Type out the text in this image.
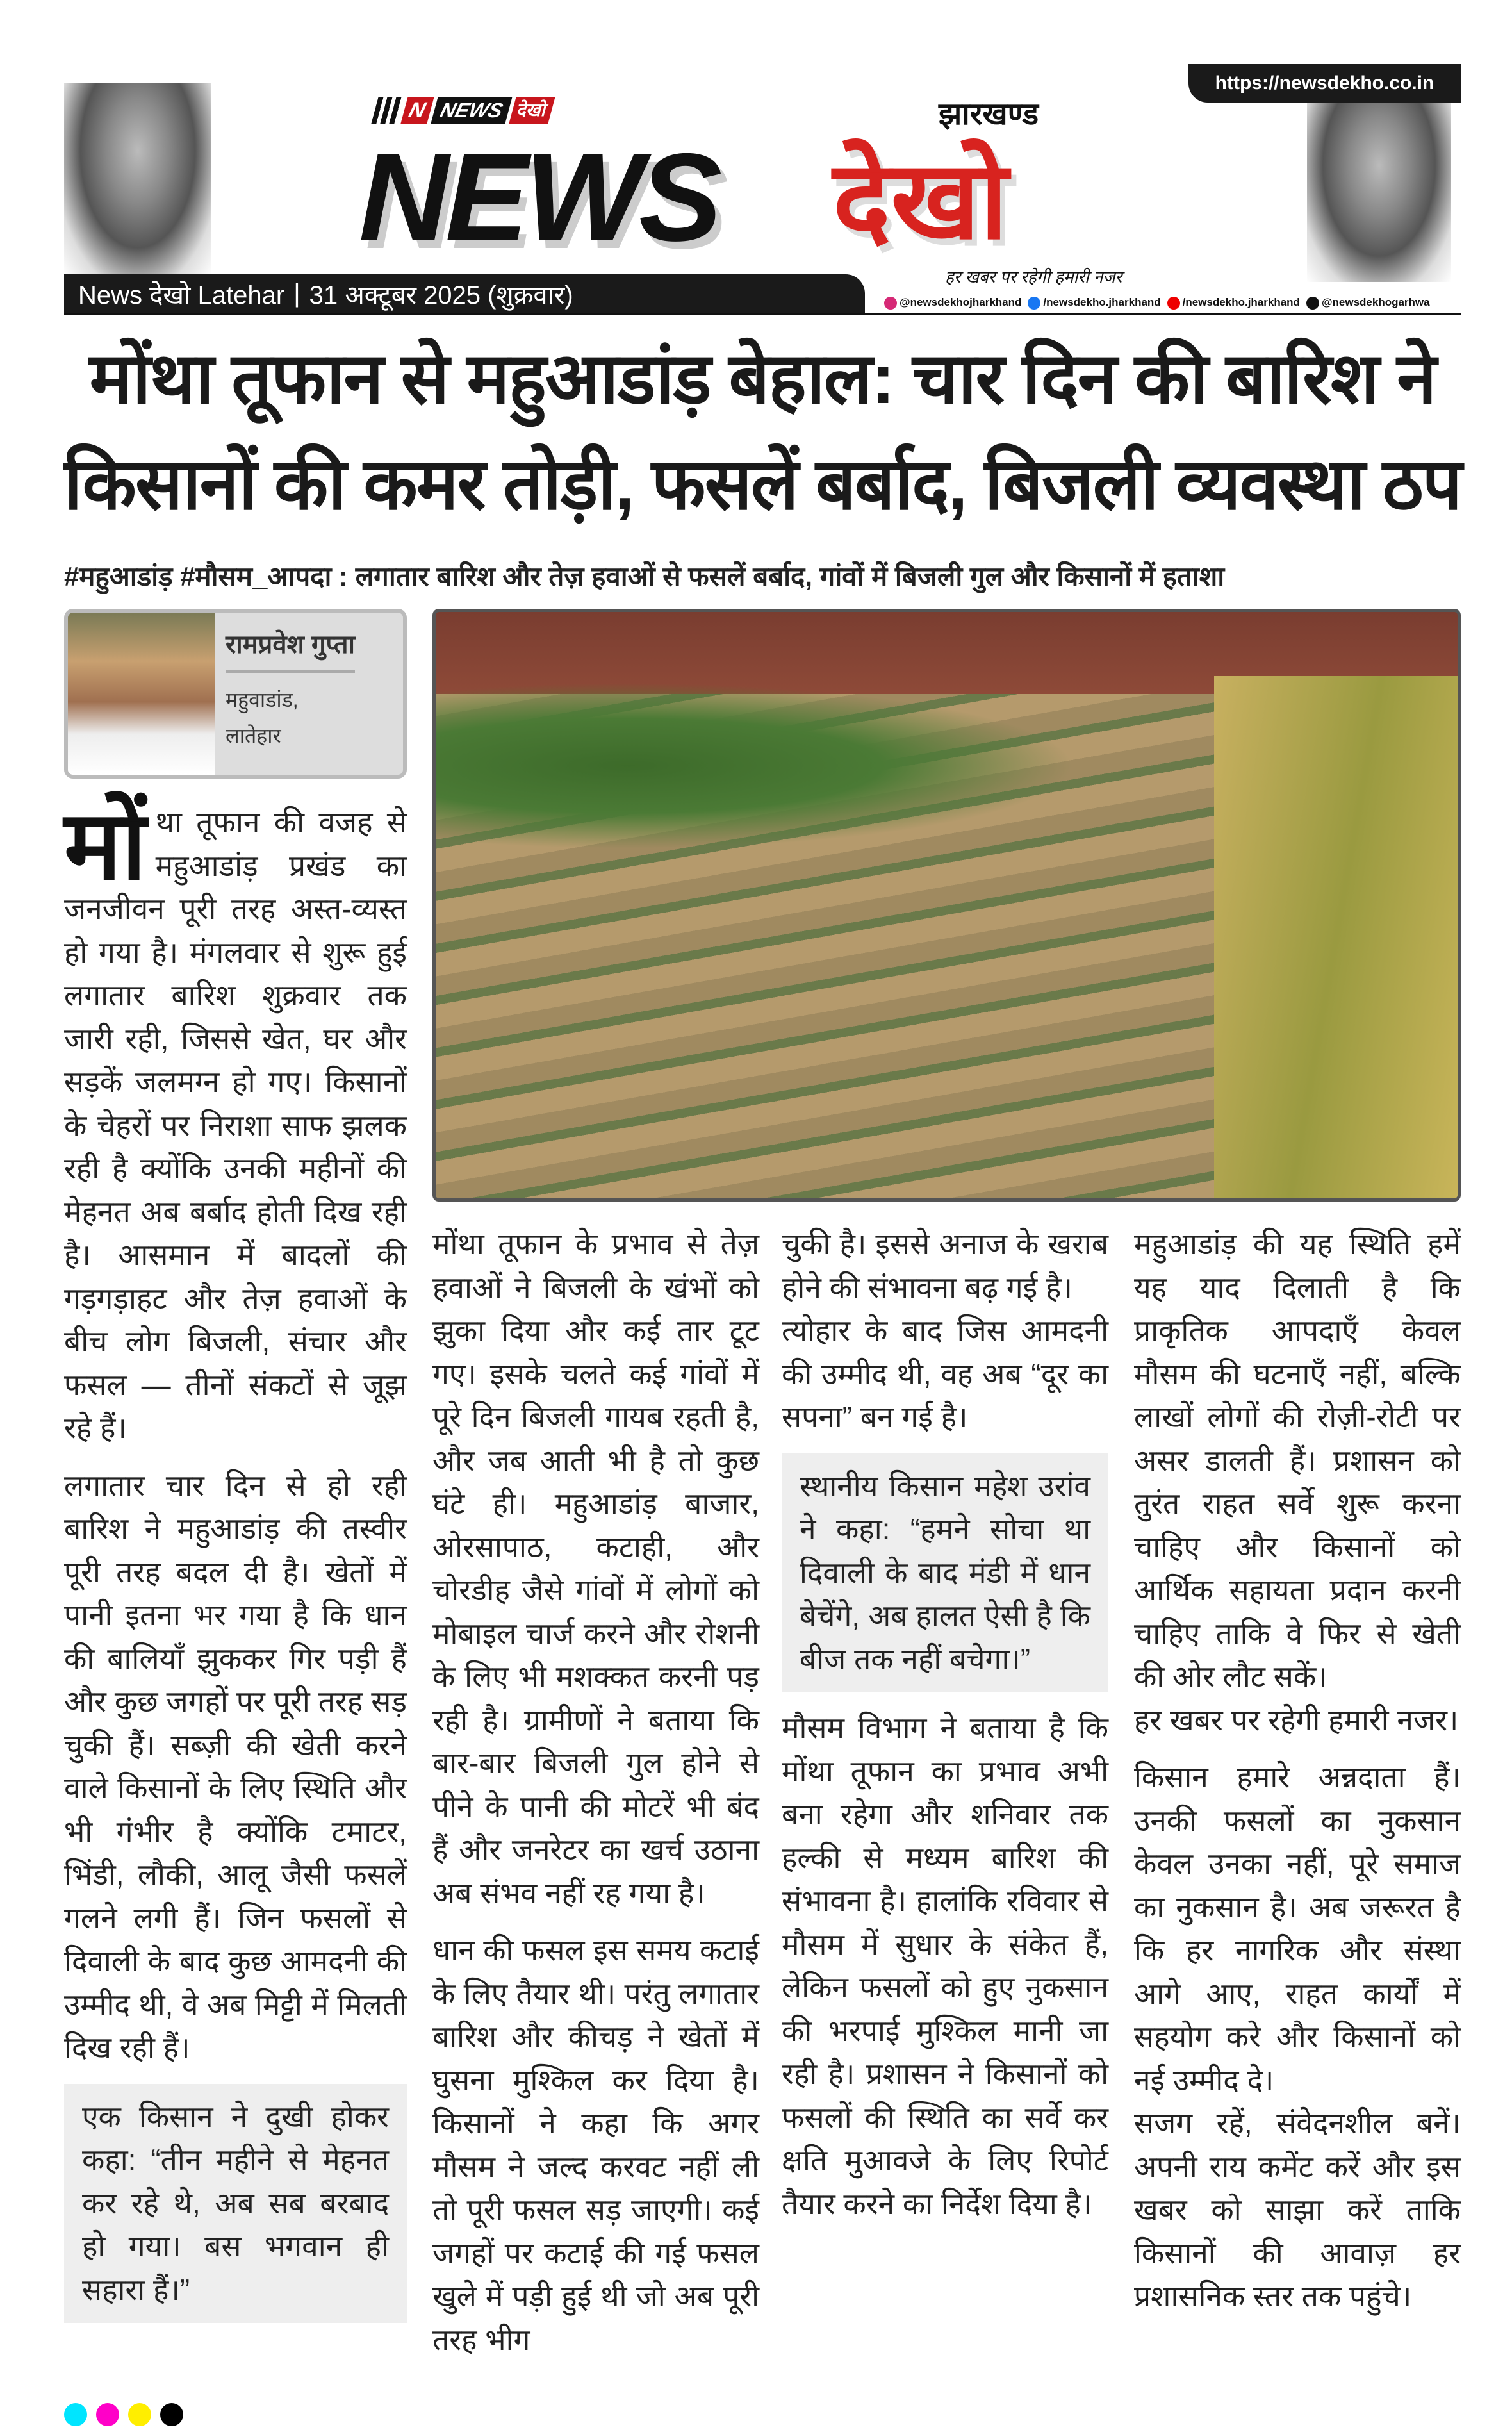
https://newsdekho.co.in
N NEWS देखो
NEWS
झारखण्ड
देखो
हर खबर पर रहेगी हमारी नजर
News देखो Latehar | 31 अक्टूबर 2025 (शुक्रवार)	@newsdekhojharkhand	/newsdekho.jharkhand	/newsdekho.jharkhand	@newsdekhogarhwa
मोंथा तूफान से महुआडांड़ बेहाल: चार दिन की बारिश ने
किसानों की कमर तोड़ी, फसलें बर्बाद, बिजली व्यवस्था ठप
#महुआडांड़ #मौसम_आपदा : लगातार बारिश और तेज़ हवाओं से फसलें बर्बाद, गांवों में बिजली गुल और किसानों में हताशा
रामप्रवेश गुप्ता
महुवाडांड,
लातेहार

मोंथा तूफान की वजह से महुआडांड़ प्रखंड का जनजीवन पूरी तरह अस्त-व्यस्त हो गया है। मंगलवार से शुरू हुई लगातार बारिश शुक्रवार तक जारी रही, जिससे खेत, घर और सड़कें जलमग्न हो गए। किसानों के चेहरों पर निराशा साफ झलक रही है क्योंकि उनकी महीनों की मेहनत अब बर्बाद होती दिख रही है। आसमान में बादलों की गड़गड़ाहट और तेज़ हवाओं के बीच लोग बिजली, संचार और फसल — तीनों संकटों से जूझ रहे हैं।

लगातार चार दिन से हो रही बारिश ने महुआडांड़ की तस्वीर पूरी तरह बदल दी है। खेतों में पानी इतना भर गया है कि धान की बालियाँ झुककर गिर पड़ी हैं और कुछ जगहों पर पूरी तरह सड़ चुकी हैं। सब्ज़ी की खेती करने वाले किसानों के लिए स्थिति और भी गंभीर है क्योंकि टमाटर, भिंडी, लौकी, आलू जैसी फसलें गलने लगी हैं। जिन फसलों से दिवाली के बाद कुछ आमदनी की उम्मीद थी, वे अब मिट्टी में मिलती दिख रही हैं।

एक किसान ने दुखी होकर कहा: “तीन महीने से मेहनत कर रहे थे, अब सब बरबाद हो गया। बस भगवान ही सहारा हैं।”

मोंथा तूफान के प्रभाव से तेज़ हवाओं ने बिजली के खंभों को झुका दिया और कई तार टूट गए। इसके चलते कई गांवों में पूरे दिन बिजली गायब रहती है, और जब आती भी है तो कुछ घंटे ही। महुआडांड़ बाजार, ओरसापाठ, कटाही, और चोरडीह जैसे गांवों में लोगों को मोबाइल चार्ज करने और रोशनी के लिए भी मशक्कत करनी पड़ रही है। ग्रामीणों ने बताया कि बार-बार बिजली गुल होने से पीने के पानी की मोटरें भी बंद हैं और जनरेटर का खर्च उठाना अब संभव नहीं रह गया है।

धान की फसल इस समय कटाई के लिए तैयार थी। परंतु लगातार बारिश और कीचड़ ने खेतों में घुसना मुश्किल कर दिया है। किसानों ने कहा कि अगर मौसम ने जल्द करवट नहीं ली तो पूरी फसल सड़ जाएगी। कई जगहों पर कटाई की गई फसल खुले में पड़ी हुई थी जो अब पूरी तरह भीग

चुकी है। इससे अनाज के खराब होने की संभावना बढ़ गई है।

त्योहार के बाद जिस आमदनी की उम्मीद थी, वह अब “दूर का सपना” बन गई है।

स्थानीय किसान महेश उरांव ने कहा: “हमने सोचा था दिवाली के बाद मंडी में धान बेचेंगे, अब हालत ऐसी है कि बीज तक नहीं बचेगा।”

मौसम विभाग ने बताया है कि मोंथा तूफान का प्रभाव अभी बना रहेगा और शनिवार तक हल्की से मध्यम बारिश की संभावना है। हालांकि रविवार से मौसम में सुधार के संकेत हैं, लेकिन फसलों को हुए नुकसान की भरपाई मुश्किल मानी जा रही है। प्रशासन ने किसानों को फसलों की स्थिति का सर्वे कर क्षति मुआवजे के लिए रिपोर्ट तैयार करने का निर्देश दिया है।

महुआडांड़ की यह स्थिति हमें यह याद दिलाती है कि प्राकृतिक आपदाएँ केवल मौसम की घटनाएँ नहीं, बल्कि लाखों लोगों की रोज़ी-रोटी पर असर डालती हैं। प्रशासन को तुरंत राहत सर्वे शुरू करना चाहिए और किसानों को आर्थिक सहायता प्रदान करनी चाहिए ताकि वे फिर से खेती की ओर लौट सकें।

हर खबर पर रहेगी हमारी नजर।

किसान हमारे अन्नदाता हैं। उनकी फसलों का नुकसान केवल उनका नहीं, पूरे समाज का नुकसान है। अब जरूरत है कि हर नागरिक और संस्था आगे आए, राहत कार्यों में सहयोग करे और किसानों को नई उम्मीद दे।

सजग रहें, संवेदनशील बनें। अपनी राय कमेंट करें और इस खबर को साझा करें ताकि किसानों की आवाज़ हर प्रशासनिक स्तर तक पहुंचे।
